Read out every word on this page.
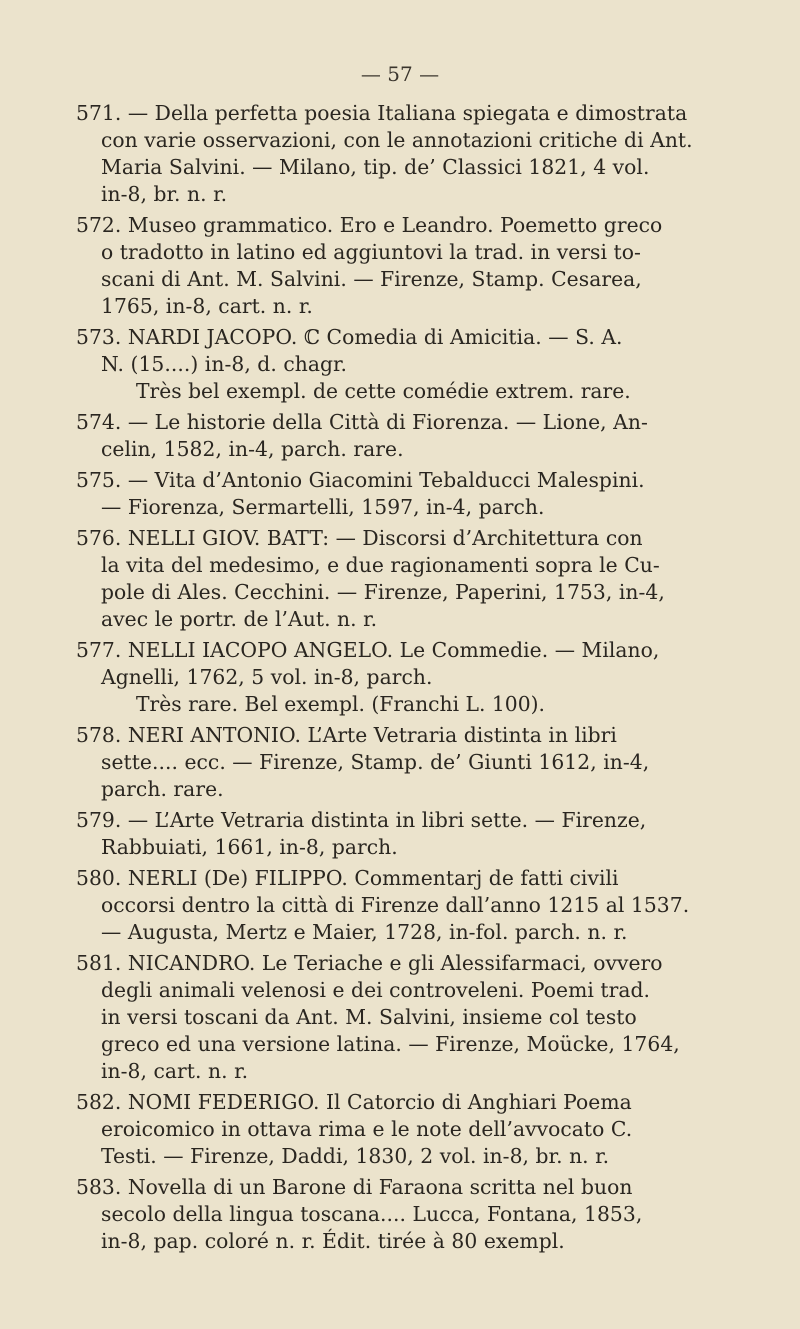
— 57 —
571. — Della perfetta poesia Italiana spiegata e dimostrata
con varie osservazioni, con le annotazioni critiche di Ant.
Maria Salvini. — Milano, tip. de’ Classici 1821, 4 vol.
in-8, br. n. r.
572. Museo grammatico. Ero e Leandro. Poemetto greco
o tradotto in latino ed aggiuntovi la trad. in versi to-
scani di Ant. M. Salvini. — Firenze, Stamp. Cesarea,
1765, in-8, cart. n. r.
573. NARDI JACOPO. ℂ Comedia di Amicitia. — S. A.
N. (15....) in-8, d. chagr.
Très bel exempl. de cette comédie extrem. rare.
574. — Le historie della Città di Fiorenza. — Lione, An-
celin, 1582, in-4, parch. rare.
575. — Vita d’Antonio Giacomini Tebalducci Malespini.
— Fiorenza, Sermartelli, 1597, in-4, parch.
576. NELLI GIOV. BATT: — Discorsi d’Architettura con
la vita del medesimo, e due ragionamenti sopra le Cu-
pole di Ales. Cecchini. — Firenze, Paperini, 1753, in-4,
avec le portr. de l’Aut. n. r.
577. NELLI IACOPO ANGELO. Le Commedie. — Milano,
Agnelli, 1762, 5 vol. in-8, parch.
Très rare. Bel exempl. (Franchi L. 100).
578. NERI ANTONIO. L’Arte Vetraria distinta in libri
sette.... ecc. — Firenze, Stamp. de’ Giunti 1612, in-4,
parch. rare.
579. — L’Arte Vetraria distinta in libri sette. — Firenze,
Rabbuiati, 1661, in-8, parch.
580. NERLI (De) FILIPPO. Commentarj de fatti civili
occorsi dentro la città di Firenze dall’anno 1215 al 1537.
— Augusta, Mertz e Maier, 1728, in-fol. parch. n. r.
581. NICANDRO. Le Teriache e gli Alessifarmaci, ovvero
degli animali velenosi e dei controveleni. Poemi trad.
in versi toscani da Ant. M. Salvini, insieme col testo
greco ed una versione latina. — Firenze, Moücke, 1764,
in-8, cart. n. r.
582. NOMI FEDERIGO. Il Catorcio di Anghiari Poema
eroicomico in ottava rima e le note dell’avvocato C.
Testi. — Firenze, Daddi, 1830, 2 vol. in-8, br. n. r.
583. Novella di un Barone di Faraona scritta nel buon
secolo della lingua toscana.... Lucca, Fontana, 1853,
in-8, pap. coloré n. r. Édit. tirée à 80 exempl.
